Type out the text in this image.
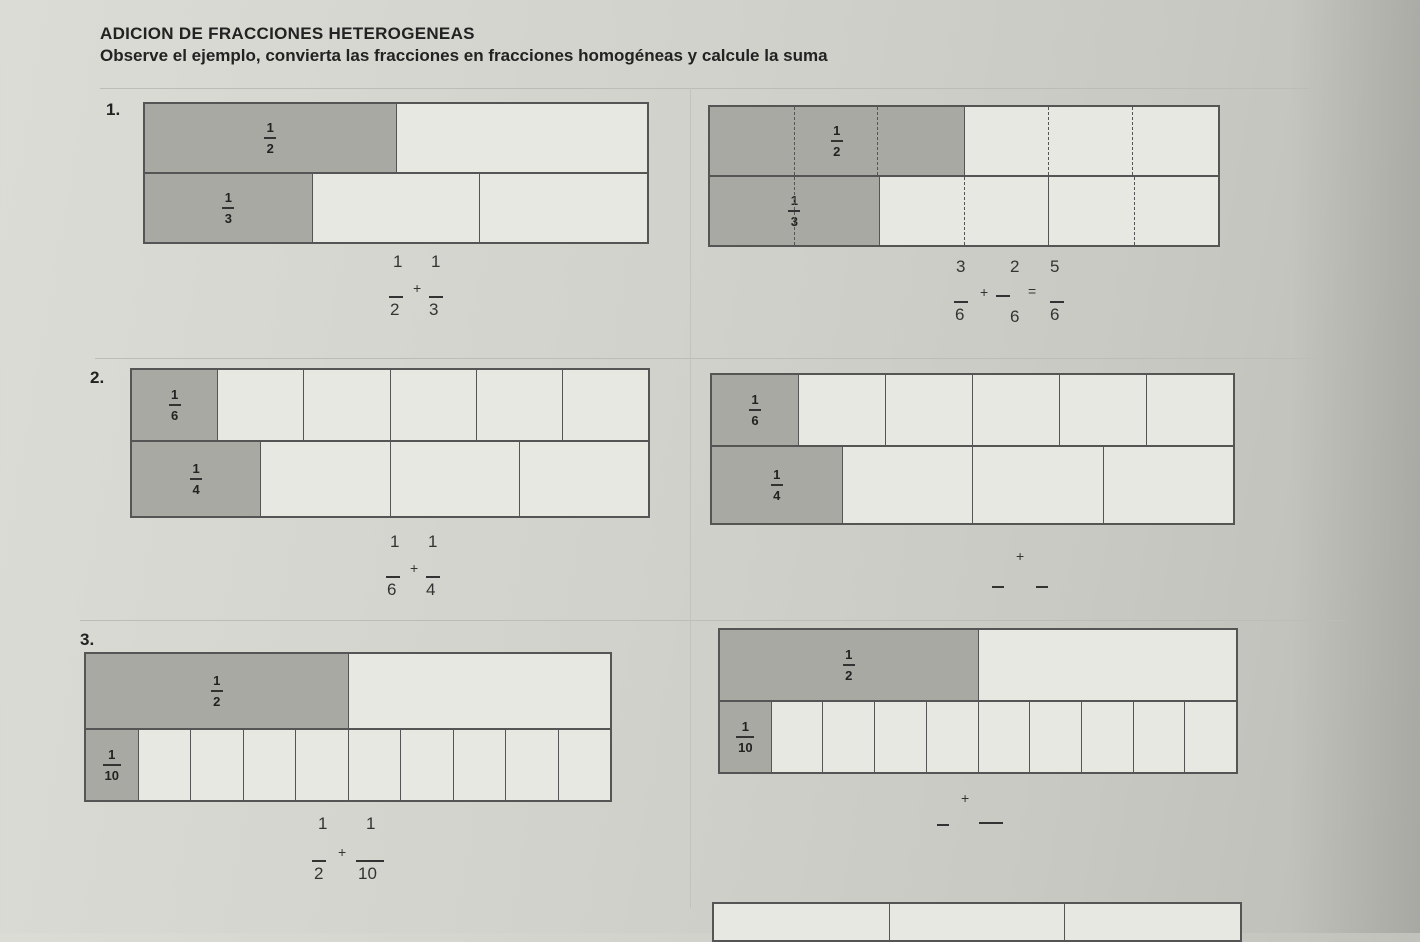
ADICION DE FRACCIONES HETEROGENEAS
Observe el ejemplo, convierta las fracciones en fracciones homogéneas y calcule la suma
1.
$\frac{1}{2}$
$\frac{1}{3}$
1 1
+
2 3
$\frac{1}{2}$
$\frac{1}{3}$
3	2 5
+	=
6	6 6
2.
$\frac{1}{6}$
$\frac{1}{4}$
1 1
+
6 4
$\frac{1}{6}$
$\frac{1}{4}$
+
3.
$\frac{1}{2}$
$\frac{1}{10}$
1 1
+
2 10
$\frac{1}{2}$
$\frac{1}{10}$
+
